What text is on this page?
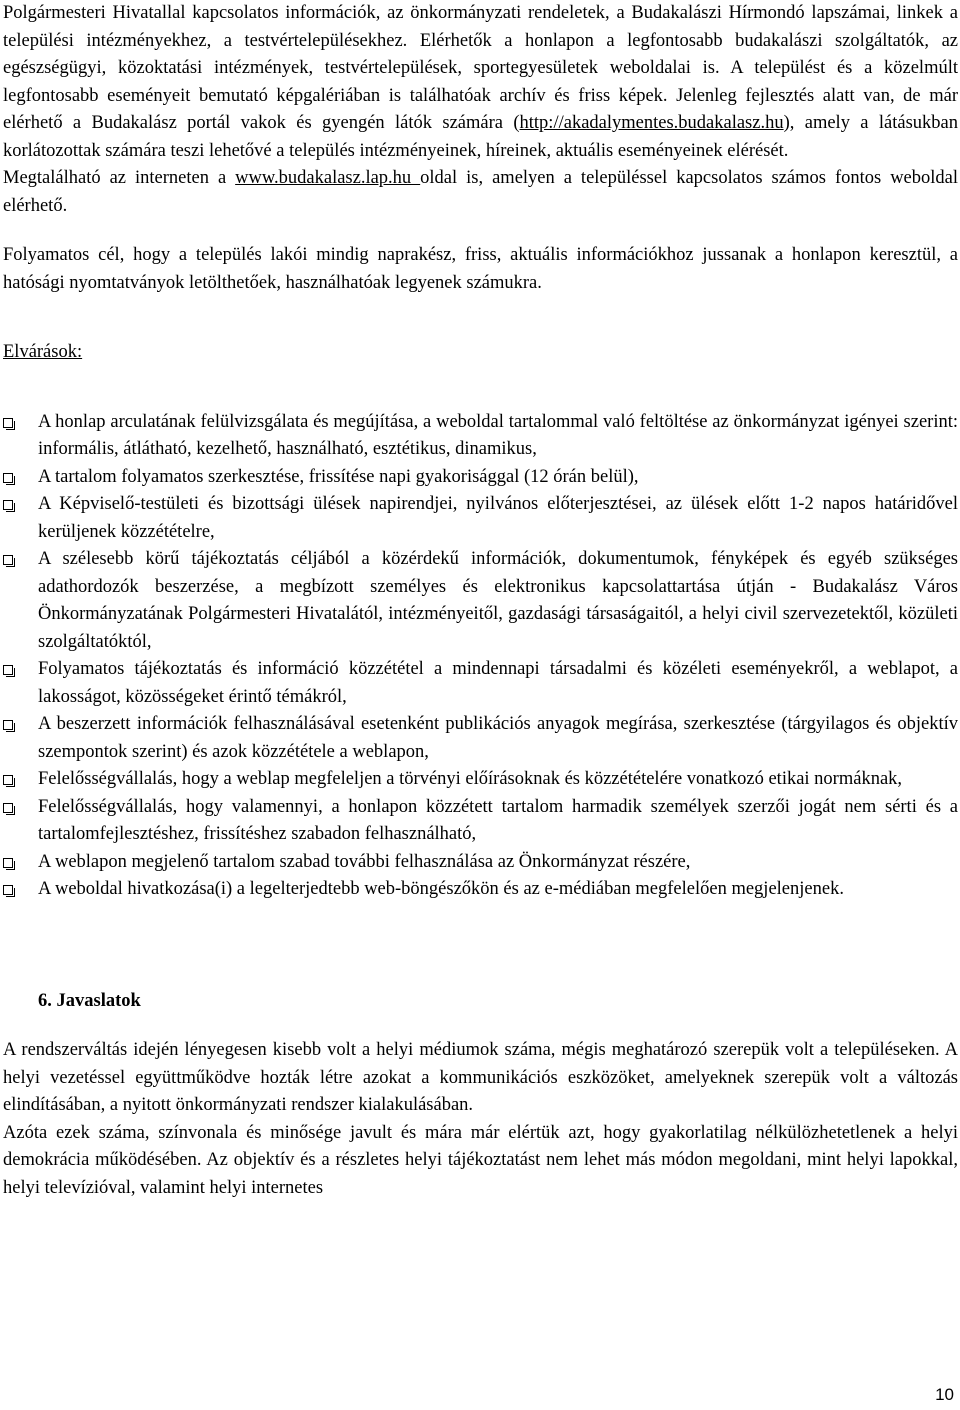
Polgármesteri Hivatallal kapcsolatos információk, az önkormányzati rendeletek, a Budakalászi Hírmondó lapszámai, linkek a települési intézményekhez, a testvértelepülésekhez. Elérhetők a honlapon a legfontosabb budakalászi szolgáltatók, az egészségügyi, közoktatási intézmények, testvértelepülések, sportegyesületek weboldalai is. A települést és a közelmúlt legfontosabb eseményeit bemutató képgalériában is találhatóak archív és friss képek. Jelenleg fejlesztés alatt van, de már elérhető a Budakalász portál vakok és gyengén látók számára (http://akadalymentes.budakalasz.hu), amely a látásukban korlátozottak számára teszi lehetővé a település intézményeinek, híreinek, aktuális eseményeinek elérését.

Megtalálható az interneten a www.budakalasz.lap.hu oldal is, amelyen a településsel kapcsolatos számos fontos weboldal elérhető.

Folyamatos cél, hogy a település lakói mindig naprakész, friss, aktuális információkhoz jussanak a honlapon keresztül, a hatósági nyomtatványok letölthetőek, használhatóak legyenek számukra.

Elvárások:

A honlap arculatának felülvizsgálata és megújítása, a weboldal tartalommal való feltöltése az önkormányzat igényei szerint: informális, átlátható, kezelhető, használható, esztétikus, dinamikus,
A tartalom folyamatos szerkesztése, frissítése napi gyakorisággal (12 órán belül),
A Képviselő-testületi és bizottsági ülések napirendjei, nyilvános előterjesztései, az ülések előtt 1-2 napos határidővel kerüljenek közzétételre,
A szélesebb körű tájékoztatás céljából a közérdekű információk, dokumentumok, fényképek és egyéb szükséges adathordozók beszerzése, a megbízott személyes és elektronikus kapcsolattartása útján - Budakalász Város Önkormányzatának Polgármesteri Hivatalától, intézményeitől, gazdasági társaságaitól, a helyi civil szervezetektől, közületi szolgáltatóktól,
Folyamatos tájékoztatás és információ közzététel a mindennapi társadalmi és közéleti eseményekről, a weblapot, a lakosságot, közösségeket érintő témákról,
A beszerzett információk felhasználásával esetenként publikációs anyagok megírása, szerkesztése (tárgyilagos és objektív szempontok szerint) és azok közzététele a weblapon,
Felelősségvállalás, hogy a weblap megfeleljen a törvényi előírásoknak és közzétételére vonatkozó etikai normáknak,
Felelősségvállalás, hogy valamennyi, a honlapon közzétett tartalom harmadik személyek szerzői jogát nem sérti és a tartalomfejlesztéshez, frissítéshez szabadon felhasználható,
A weblapon megjelenő tartalom szabad további felhasználása az Önkormányzat részére,
A weboldal hivatkozása(i) a legelterjedtebb web-böngészőkön és az e-médiában megfelelően megjelenjenek.

6. Javaslatok

A rendszerváltás idején lényegesen kisebb volt a helyi médiumok száma, mégis meghatározó szerepük volt a településeken. A helyi vezetéssel együttműködve hozták létre azokat a kommunikációs eszközöket, amelyeknek szerepük volt a változás elindításában, a nyitott önkormányzati rendszer kialakulásában.

Azóta ezek száma, színvonala és minősége javult és mára már elértük azt, hogy gyakorlatilag nélkülözhetetlenek a helyi demokrácia működésében. Az objektív és a részletes helyi tájékoztatást nem lehet más módon megoldani, mint helyi lapokkal, helyi televízióval, valamint helyi internetes

10
